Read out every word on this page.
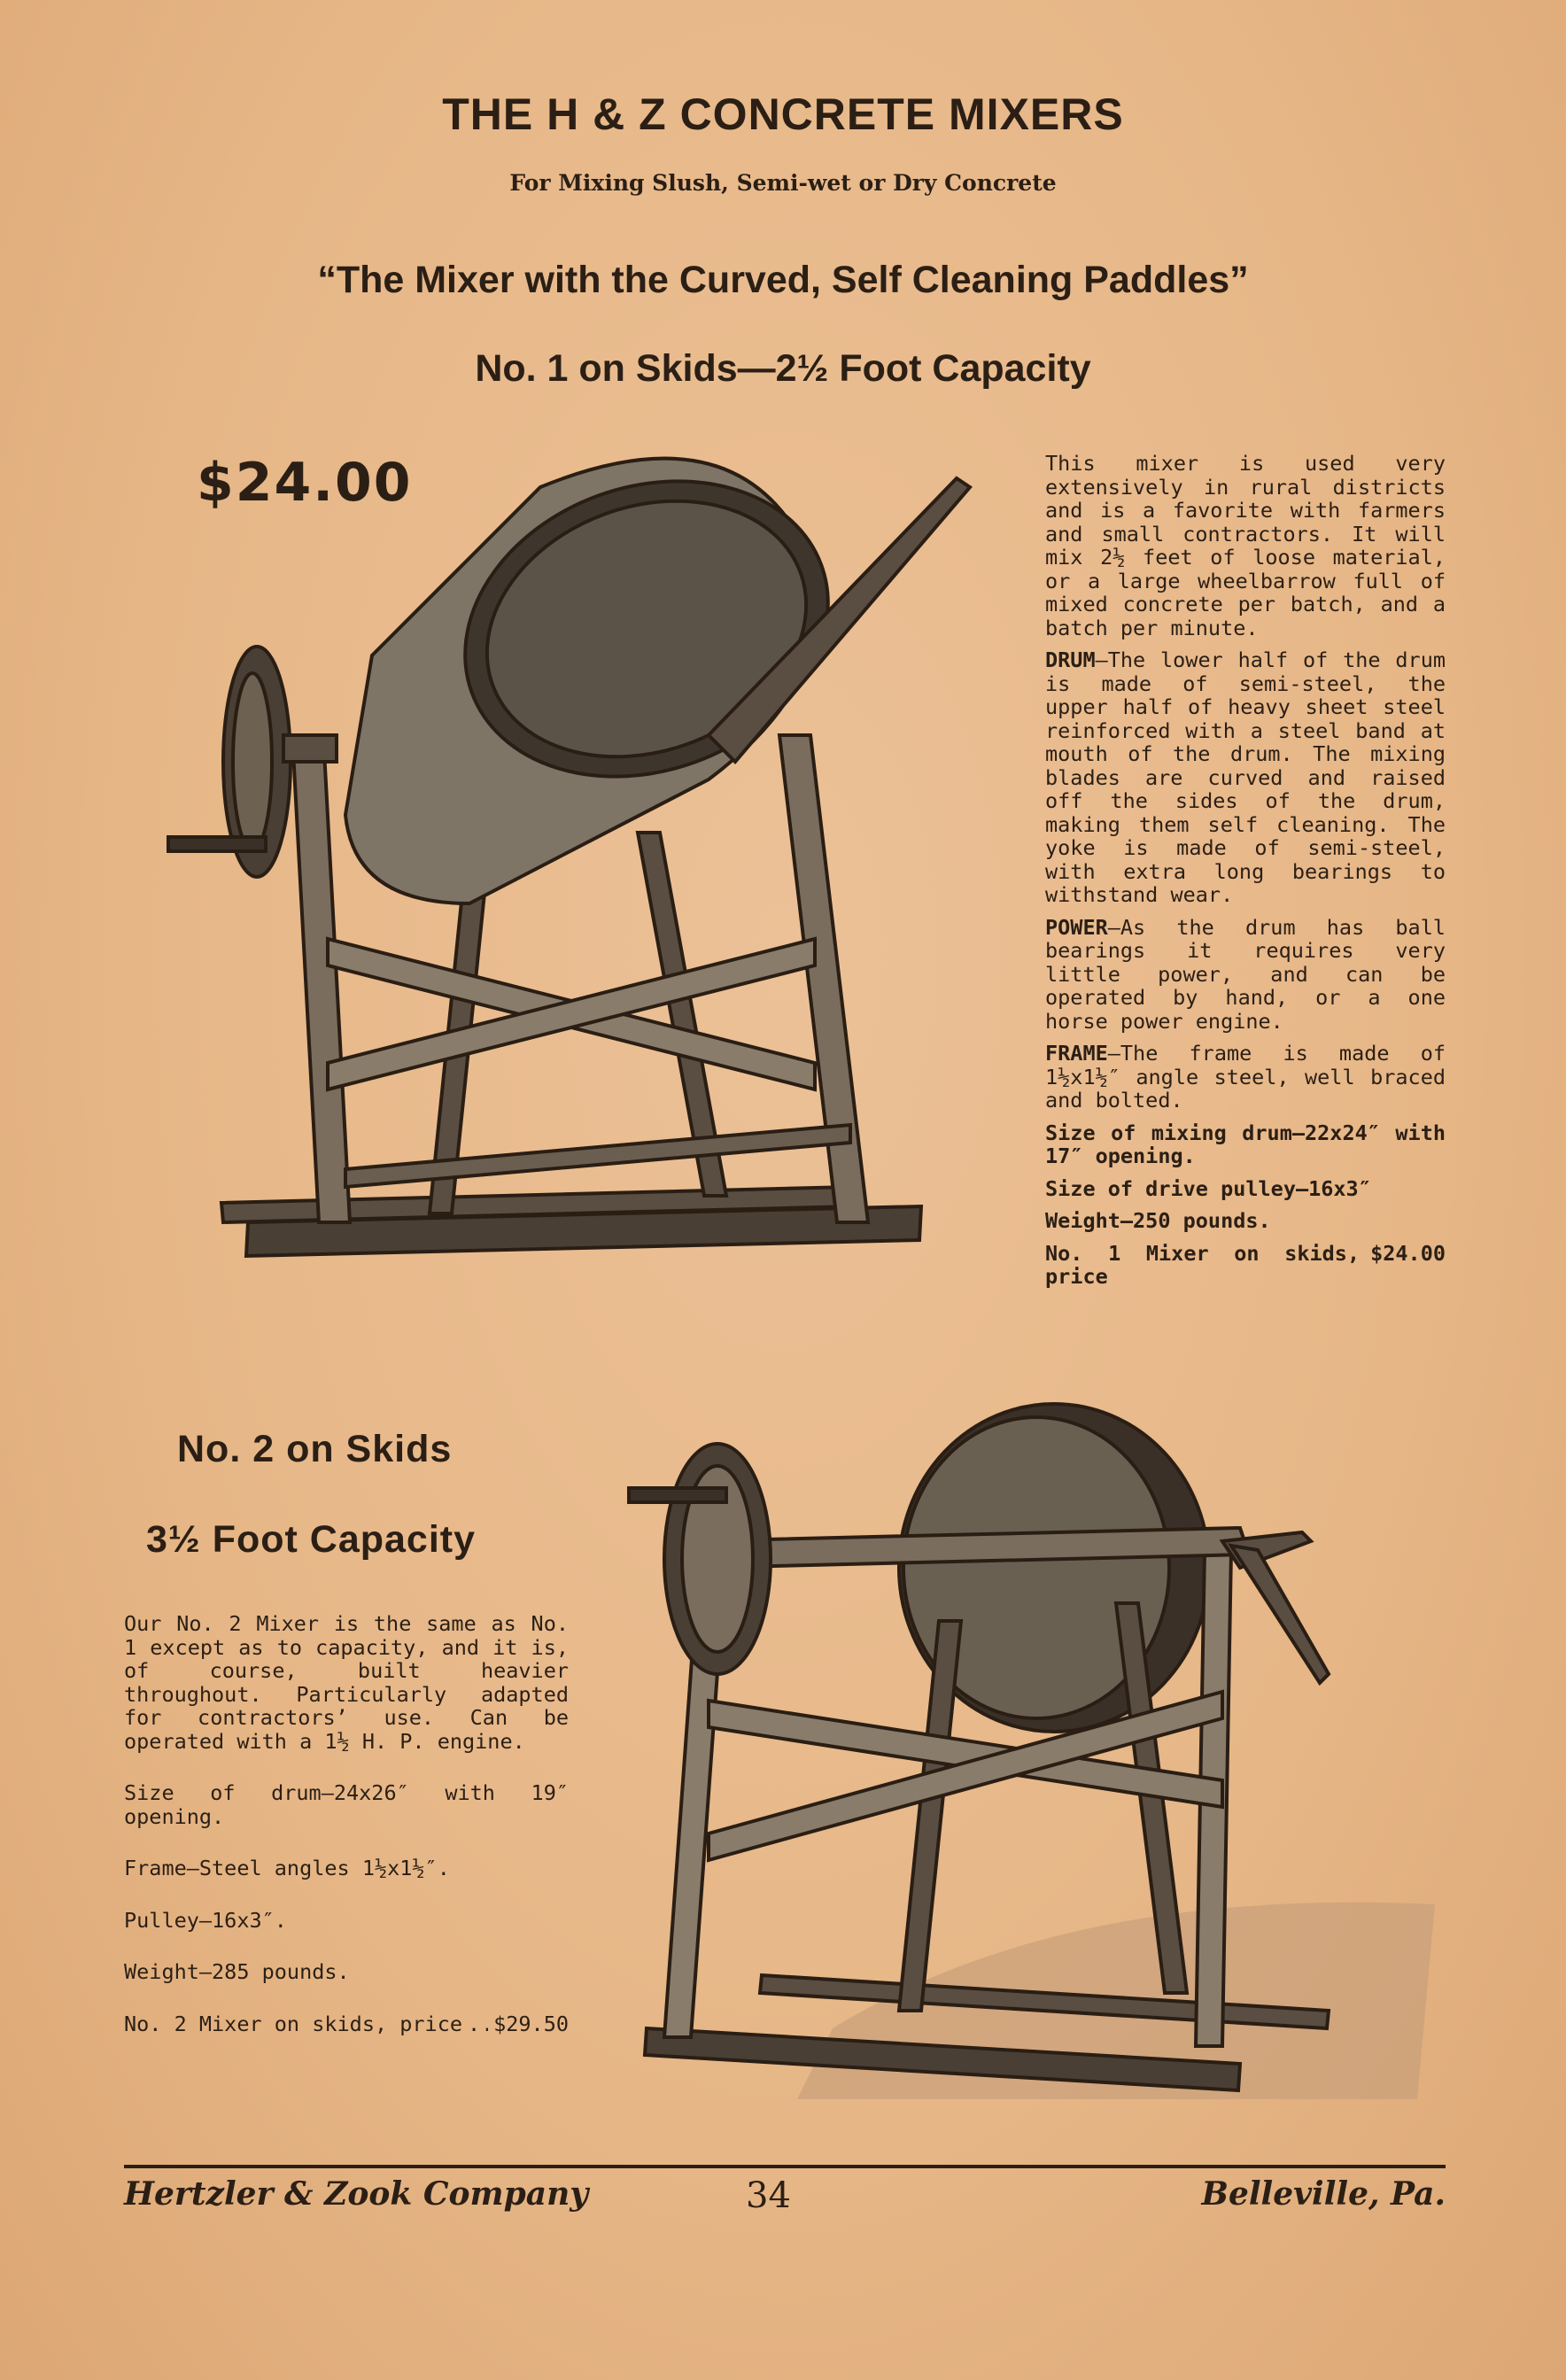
THE H & Z CONCRETE MIXERS
For Mixing Slush, Semi-wet or Dry Concrete
“The Mixer with the Curved, Self Cleaning Paddles”
No. 1 on Skids—2½ Foot Capacity
$24.00	This mixer is used very extensively in rural districts and is a favorite with farmers and small contractors. It will mix 2½ feet of loose material, or a large wheelbarrow full of mixed concrete per batch, and a batch per minute.

DRUM—The lower half of the drum is made of semi-steel, the upper half of heavy sheet steel reinforced with a steel band at mouth of the drum. The mixing blades are curved and raised off the sides of the drum, making them self cleaning. The yoke is made of semi-steel, with extra long bearings to withstand wear.

POWER—As the drum has ball bearings it requires very little power, and can be operated by hand, or a one horse power engine.

FRAME—The frame is made of 1½x1½″ angle steel, well braced and bolted.

Size of mixing drum—22x24″ with 17″ opening.

Size of drive pulley—16x3″

Weight—250 pounds.

No. 1 Mixer on skids, price
$24.00
No. 2 on Skids
3½ Foot Capacity

Our No. 2 Mixer is the same as No. 1 except as to capacity, and it is, of course, built heavier throughout. Particularly adapted for contractors’ use. Can be operated with a 1½ H. P. engine.

Size of drum—24x26″ with 19″ opening.

Frame—Steel angles 1½x1½″.

Pulley—16x3″.

Weight—285 pounds.

No. 2 Mixer on skids, price
..... $29.50
Hertzler & Zook Company	34	Belleville, Pa.
